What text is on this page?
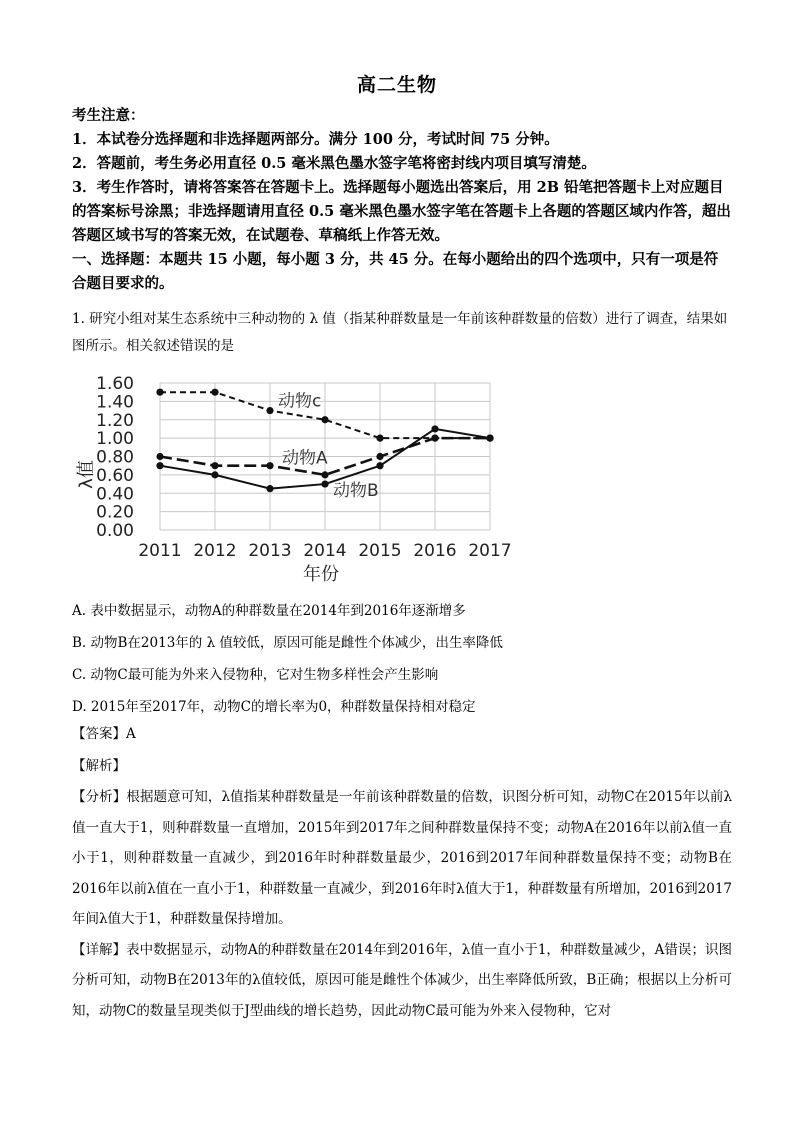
高二生物

考生注意：

1．本试卷分选择题和非选择题两部分。满分 100 分，考试时间 75 分钟。

2．答题前，考生务必用直径 0.5 毫米黑色墨水签字笔将密封线内项目填写清楚。

3．考生作答时，请将答案答在答题卡上。选择题每小题选出答案后，用 2B 铅笔把答题卡上对应题目的答案标号涂黑；非选择题请用直径 0.5 毫米黑色墨水签字笔在答题卡上各题的答题区域内作答，超出答题区域书写的答案无效，在试题卷、草稿纸上作答无效。

一、选择题：本题共 15 小题，每小题 3 分，共 45 分。在每小题给出的四个选项中，只有一项是符合题目要求的。

1. 研究小组对某生态系统中三种动物的 λ 值（指某种群数量是一年前该种群数量的倍数）进行了调查，结果如图所示。相关叙述错误的是

0.00
0.20
0.40
0.60
0.80
1.00
1.20
1.40
1.60
2011 2012 2013 2014 2015 2016 2017
年份
λ值
动物c
动物A
动物B

A. 表中数据显示，动物A的种群数量在2014年到2016年逐渐增多

B. 动物B在2013年的 λ 值较低，原因可能是雌性个体减少，出生率降低

C. 动物C最可能为外来入侵物种，它对生物多样性会产生影响

D. 2015年至2017年，动物C的增长率为0，种群数量保持相对稳定

【答案】A

【解析】

【分析】根据题意可知，λ值指某种群数量是一年前该种群数量的倍数，识图分析可知，动物C在2015年以前λ值一直大于1，则种群数量一直增加，2015年到2017年之间种群数量保持不变；动物A在2016年以前λ值一直小于1，则种群数量一直减少，到2016年时种群数量最少，2016到2017年间种群数量保持不变；动物B在2016年以前λ值在一直小于1，种群数量一直减少，到2016年时λ值大于1，种群数量有所增加，2016到2017年间λ值大于1，种群数量保持增加。

【详解】表中数据显示，动物A的种群数量在2014年到2016年，λ值一直小于1，种群数量减少，A错误；识图分析可知，动物B在2013年的λ值较低，原因可能是雌性个体减少，出生率降低所致，B正确；根据以上分析可知，动物C的数量呈现类似于J型曲线的增长趋势，因此动物C最可能为外来入侵物种，它对
